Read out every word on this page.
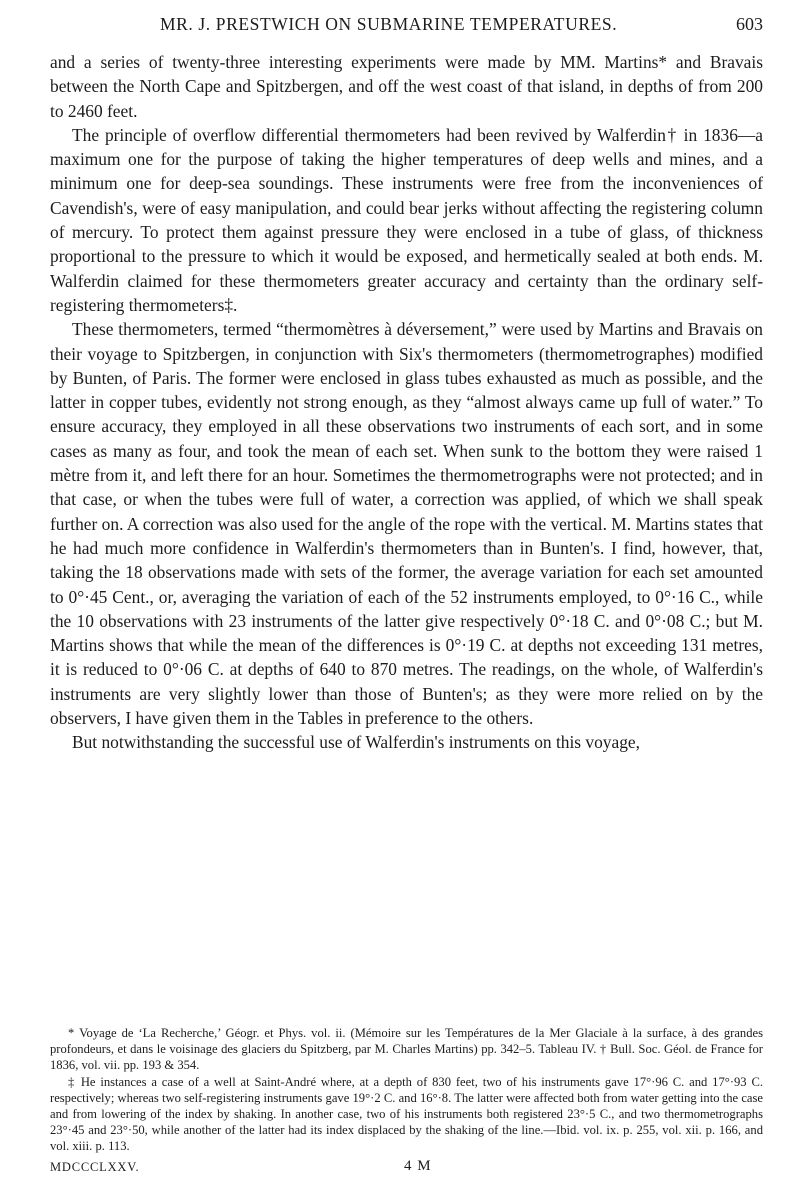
MR. J. PRESTWICH ON SUBMARINE TEMPERATURES.	603

and a series of twenty-three interesting experiments were made by MM. Martins* and Bravais between the North Cape and Spitzbergen, and off the west coast of that island, in depths of from 200 to 2460 feet.

The principle of overflow differential thermometers had been revived by Walferdin† in 1836—a maximum one for the purpose of taking the higher temperatures of deep wells and mines, and a minimum one for deep-sea soundings. These instruments were free from the inconveniences of Cavendish's, were of easy manipulation, and could bear jerks without affecting the registering column of mercury. To protect them against pressure they were enclosed in a tube of glass, of thickness proportional to the pressure to which it would be exposed, and hermetically sealed at both ends. M. Walferdin claimed for these thermometers greater accuracy and certainty than the ordinary self-registering thermometers‡.

These thermometers, termed “thermomètres à déversement,” were used by Martins and Bravais on their voyage to Spitzbergen, in conjunction with Six's thermometers (thermometrographes) modified by Bunten, of Paris. The former were enclosed in glass tubes exhausted as much as possible, and the latter in copper tubes, evidently not strong enough, as they “almost always came up full of water.” To ensure accuracy, they employed in all these observations two instruments of each sort, and in some cases as many as four, and took the mean of each set. When sunk to the bottom they were raised 1 mètre from it, and left there for an hour. Sometimes the thermometrographs were not protected; and in that case, or when the tubes were full of water, a correction was applied, of which we shall speak further on. A correction was also used for the angle of the rope with the vertical. M. Martins states that he had much more confidence in Walferdin's thermometers than in Bunten's. I find, however, that, taking the 18 observations made with sets of the former, the average variation for each set amounted to 0°·45 Cent., or, averaging the variation of each of the 52 instruments employed, to 0°·16 C., while the 10 observations with 23 instruments of the latter give respectively 0°·18 C. and 0°·08 C.; but M. Martins shows that while the mean of the differences is 0°·19 C. at depths not exceeding 131 metres, it is reduced to 0°·06 C. at depths of 640 to 870 metres. The readings, on the whole, of Walferdin's instruments are very slightly lower than those of Bunten's; as they were more relied on by the observers, I have given them in the Tables in preference to the others.

But notwithstanding the successful use of Walferdin's instruments on this voyage,

* Voyage de ‘La Recherche,’ Géogr. et Phys. vol. ii. (Mémoire sur les Températures de la Mer Glaciale à la surface, à des grandes profondeurs, et dans le voisinage des glaciers du Spitzberg, par M. Charles Martins) pp. 342–5. Tableau IV. † Bull. Soc. Géol. de France for 1836, vol. vii. pp. 193 & 354.

‡ He instances a case of a well at Saint-André where, at a depth of 830 feet, two of his instruments gave 17°·96 C. and 17°·93 C. respectively; whereas two self-registering instruments gave 19°·2 C. and 16°·8. The latter were affected both from water getting into the case and from lowering of the index by shaking. In another case, two of his instruments both registered 23°·5 C., and two thermometrographs 23°·45 and 23°·50, while another of the latter had its index displaced by the shaking of the line.—Ibid. vol. ix. p. 255, vol. xii. p. 166, and vol. xiii. p. 113.

MDCCCLXXV.	4 M
